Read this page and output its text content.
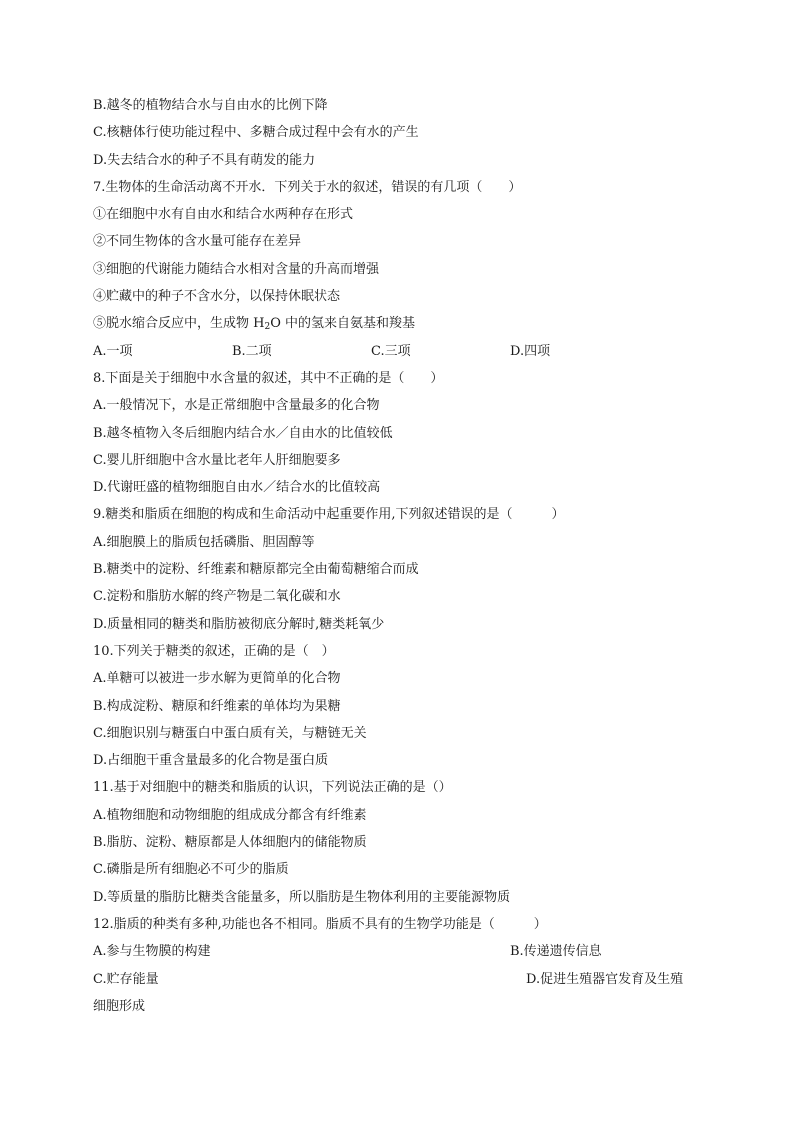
B.越冬的植物结合水与自由水的比例下降
C.核糖体行使功能过程中、多糖合成过程中会有水的产生
D.失去结合水的种子不具有萌发的能力
7.生物体的生命活动离不开水．下列关于水的叙述，错误的有几项（　　）
①在细胞中水有自由水和结合水两种存在形式
②不同生物体的含水量可能存在差异
③细胞的代谢能力随结合水相对含量的升高而增强
④贮藏中的种子不含水分，以保持休眠状态
⑤脱水缩合反应中，生成物 $H_2O$ 中的氢来自氨基和羧基
A.一项	B.二项	C.三项	D.四项
8.下面是关于细胞中水含量的叙述，其中不正确的是（　　）
A.一般情况下，水是正常细胞中含量最多的化合物
B.越冬植物入冬后细胞内结合水／自由水的比值较低
C.婴儿肝细胞中含水量比老年人肝细胞要多
D.代谢旺盛的植物细胞自由水／结合水的比值较高
9.糖类和脂质在细胞的构成和生命活动中起重要作用,下列叙述错误的是（　　　）
A.细胞膜上的脂质包括磷脂、胆固醇等
B.糖类中的淀粉、纤维素和糖原都完全由葡萄糖缩合而成
C.淀粉和脂肪水解的终产物是二氧化碳和水
D.质量相同的糖类和脂肪被彻底分解时,糖类耗氧少
10.下列关于糖类的叙述，正确的是（　）
A.单糖可以被进一步水解为更简单的化合物
B.构成淀粉、糖原和纤维素的单体均为果糖
C.细胞识别与糖蛋白中蛋白质有关，与糖链无关
D.占细胞干重含量最多的化合物是蛋白质
11.基于对细胞中的糖类和脂质的认识，下列说法正确的是（）
A.植物细胞和动物细胞的组成成分都含有纤维素
B.脂肪、淀粉、糖原都是人体细胞内的储能物质
C.磷脂是所有细胞必不可少的脂质
D.等质量的脂肪比糖类含能量多，所以脂肪是生物体利用的主要能源物质
12.脂质的种类有多种,功能也各不相同。脂质不具有的生物学功能是（　　　）
A.参与生物膜的构建	B.传递遗传信息
C.贮存能量	D.促进生殖器官发育及生殖
细胞形成
